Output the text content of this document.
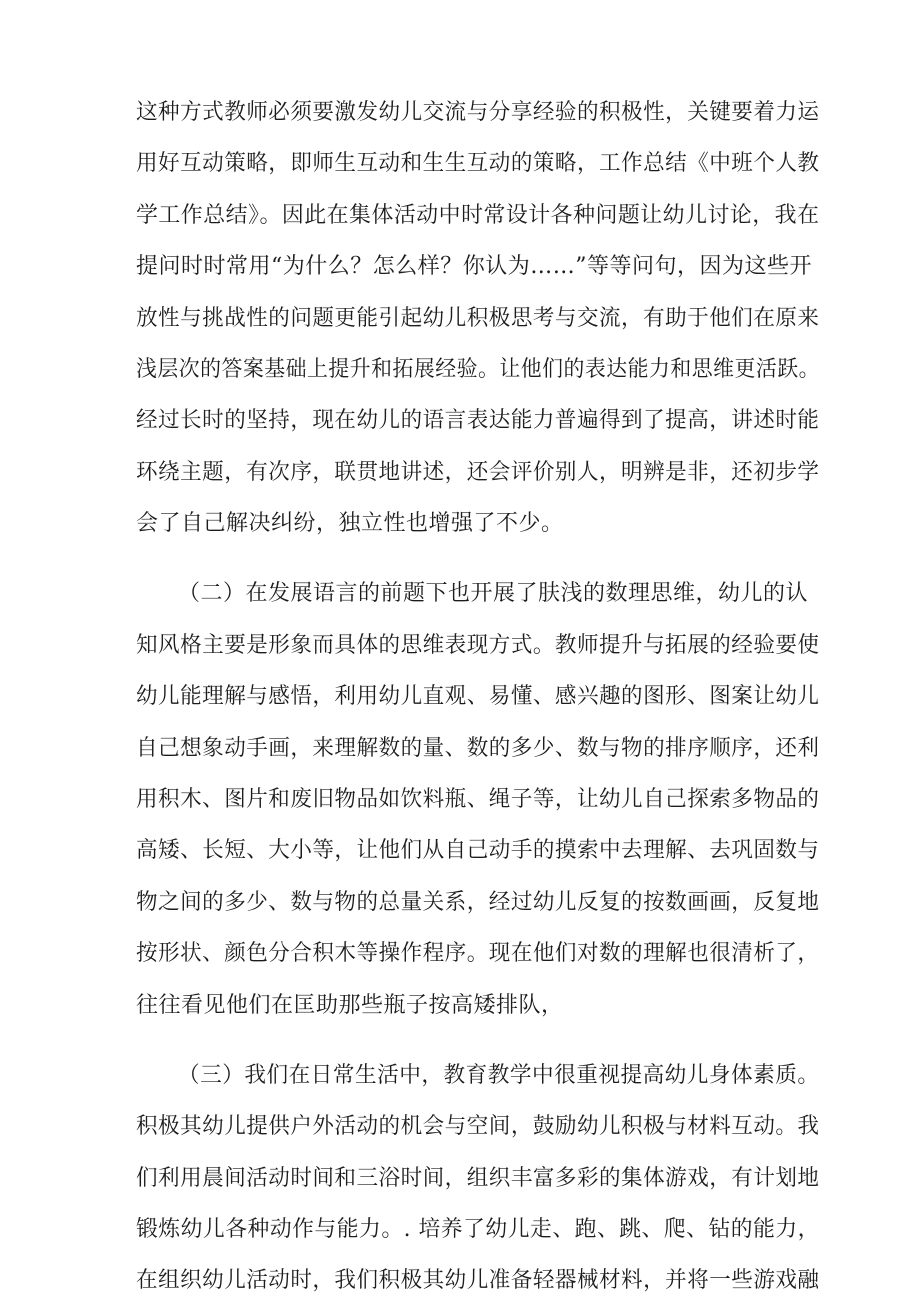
这种方式教师必须要激发幼儿交流与分享经验的积极性，关键要着力运
用好互动策略，即师生互动和生生互动的策略，工作总结《中班个人教
学工作总结》。因此在集体活动中时常设计各种问题让幼儿讨论，我在
提问时时常用“为什么？怎么样？你认为……”等等问句，因为这些开
放性与挑战性的问题更能引起幼儿积极思考与交流，有助于他们在原来
浅层次的答案基础上提升和拓展经验。让他们的表达能力和思维更活跃。
经过长时的坚持，现在幼儿的语言表达能力普遍得到了提高，讲述时能
环绕主题，有次序，联贯地讲述，还会评价别人，明辨是非，还初步学
会了自己解决纠纷，独立性也增强了不少。
（二）在发展语言的前题下也开展了肤浅的数理思维，幼儿的认
知风格主要是形象而具体的思维表现方式。教师提升与拓展的经验要使
幼儿能理解与感悟，利用幼儿直观、易懂、感兴趣的图形、图案让幼儿
自己想象动手画，来理解数的量、数的多少、数与物的排序顺序，还利
用积木、图片和废旧物品如饮料瓶、绳子等，让幼儿自己探索多物品的
高矮、长短、大小等，让他们从自己动手的摸索中去理解、去巩固数与
物之间的多少、数与物的总量关系，经过幼儿反复的按数画画，反复地
按形状、颜色分合积木等操作程序。现在他们对数的理解也很清析了，
往往看见他们在匡助那些瓶子按高矮排队，
（三）我们在日常生活中，教育教学中很重视提高幼儿身体素质。
积极其幼儿提供户外活动的机会与空间，鼓励幼儿积极与材料互动。我
们利用晨间活动时间和三浴时间，组织丰富多彩的集体游戏，有计划地
锻炼幼儿各种动作与能力。. 培养了幼儿走、跑、跳、爬、钻的能力，
在组织幼儿活动时，我们积极其幼儿准备轻器械材料，并将一些游戏融
